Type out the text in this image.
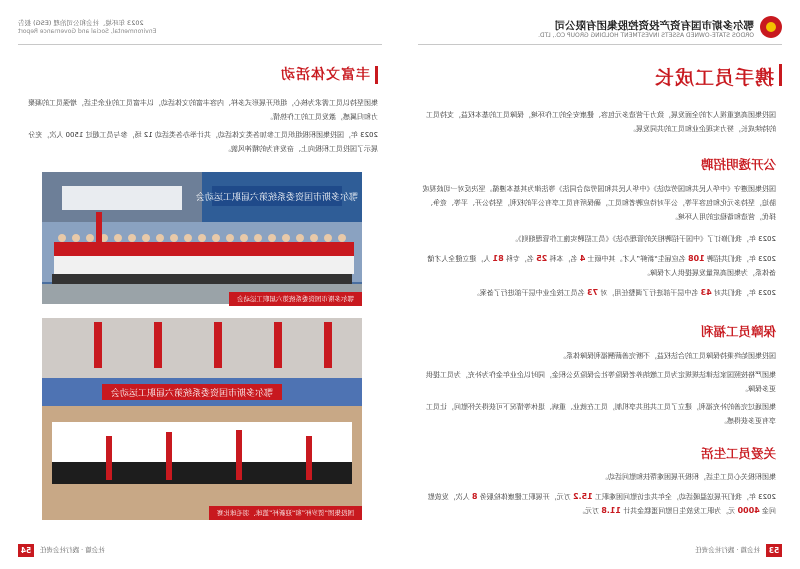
鄂尔多斯市国有资产投资控股集团有限公司
ORDOS STATE-OWNED ASSETS INVESTMENT HOLDING GROUP CO., LTD.
携手员工成长
国投集团高度重视人才的全面发展，致力于营造多元包容、健康安全的工作环境，保障员工的基本权益，支持员工的持续成长，努力实现企业和员工的共同发展。
公开透明招聘
国投集团遵守《中华人民共和国劳动法》《中华人民共和国劳动合同法》等法律为其基本遵循。坚决反对一切歧视或胁迫，坚持多元化和包容平等，公平对待应聘者和员工，确保所有员工享有公平的权利，坚持公开、平等、竞争、择优，营造和谐稳定的用人环境。
2023 年，我们修订了《中国于招聘相关的管理办法》《员工招聘实施工作管理细则》。
2023 年，我们共招聘 108 名应届生“新鲜”人才。其中硕士 4 名，本科 25 名，专科 81 人，建立健全人才储备体系，为集团高质量发展提供人才保障。
2023 年，我们共对 43 名中层干部进行了调整任用，对 73 名员工按企业中层干部进行了备案。
保障员工福利
国投集团始终秉持保障员工的合法权益，不断完善薪酬福利保障体系。
集团严格按照国家法律法规规定为员工缴纳养老保险等社会保险及公积金，同时以企业年金作为补充，为员工提供更多保障。
集团通过完善的补充福利，建立了员工共担共享机制，员工在就业、重病、退休等情况下可获得关怀慰问，让员工享有更多获得感。
关爱员工生活
集团积极关心员工生活，积极开展困难帮扶和慰问活动。
2023 年，我们开展送温暖活动，全年共走访慰问困难职工 15.2 万元，开展职工健康体检服务 8 人次，发放慰问金 4000 元，为职工发放生日慰问蛋糕金共计 11.8 万元。
53
社会篇 · 践行社会责任
2023 年环境、社会和公司治理 (ESG) 报告
Environmental, Social and Governance Report
丰富文体活动
集团坚持以员工需求为核心，组织开展形式多样、内容丰富的文体活动，以丰富员工的业余生活，增强员工的凝聚力和归属感，激发员工的工作热情。
2023 年，国投集团积极组织员工参加各类文体活动，共计举办各类活动 12 场，参与员工超过 1500 人次，充分展示了国投员工积极向上、奋发有为的精神风貌。
鄂尔多斯市国资委系统第六届职工运动会
鄂尔多斯市国资委系统第六届职工运动会
鄂尔多斯市国资委系统第六届职工运动会
国投集团“贺岁杯”和“迎新杯”篮球、羽毛球比赛
54	社会篇 · 践行社会责任
